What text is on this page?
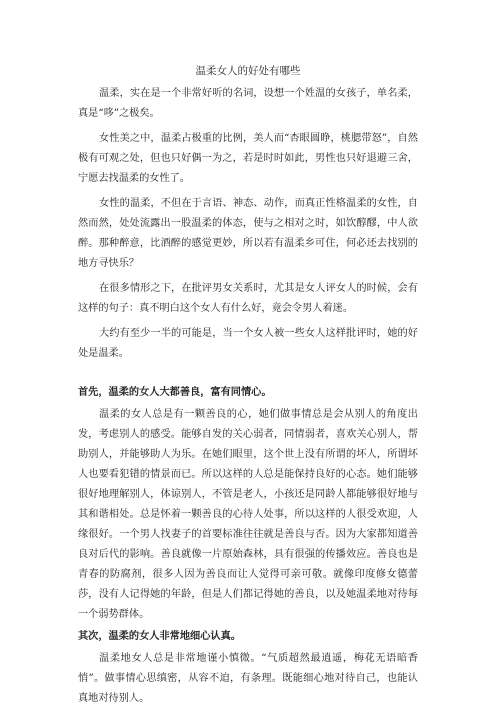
温柔女人的好处有哪些

温柔，实在是一个非常好听的名词，设想一个姓温的女孩子，单名柔，真是“哆”之极矣。

女性美之中，温柔占极重的比例，美人而“杏眼圆睁，桃腮带怒”，自然极有可观之处，但也只好偶一为之，若是时时如此，男性也只好退避三舍，宁愿去找温柔的女性了。

女性的温柔，不但在于言语、神态、动作，而真正性格温柔的女性，自然而然，处处流露出一股温柔的体态，使与之相对之时，如饮醇醪，中人欲醉。那种醉意，比酒醉的感觉更妙，所以若有温柔乡可住，何必还去找别的地方寻快乐？

在很多情形之下，在批评男女关系时，尤其是女人评女人的时候，会有这样的句子：真不明白这个女人有什么好，竟会令男人着迷。

大约有至少一半的可能是，当一个女人被一些女人这样批评时，她的好处是温柔。

首先，温柔的女人大都善良，富有同情心。

温柔的女人总是有一颗善良的心，她们做事情总是会从别人的角度出发，考虑别人的感受。能够自发的关心弱者，同情弱者，喜欢关心别人，帮助别人，并能够助人为乐。在她们眼里，这个世上没有所谓的坏人，所谓坏人也要看犯错的情景而已。所以这样的人总是能保持良好的心态。她们能够很好地理解别人，体谅别人，不管是老人，小孩还是同龄人都能够很好地与其和谐相处。总是怀着一颗善良的心待人处事，所以这样的人很受欢迎，人缘很好。一个男人找妻子的首要标准往往就是善良与否。因为大家都知道善良对后代的影响。善良就像一片原始森林，具有很强的传播效应。善良也是青春的防腐剂，很多人因为善良而让人觉得可亲可敬。就像印度修女德蕾莎，没有人记得她的年龄，但是人们都记得她的善良，以及她温柔地对待每一个弱势群体。

其次，温柔的女人非常地细心认真。

温柔地女人总是非常地谨小慎微。“气质超然最逍遥，梅花无语暗香悄”。做事情心思缜密，从容不迫，有条理。既能细心地对待自己，也能认真地对待别人。
